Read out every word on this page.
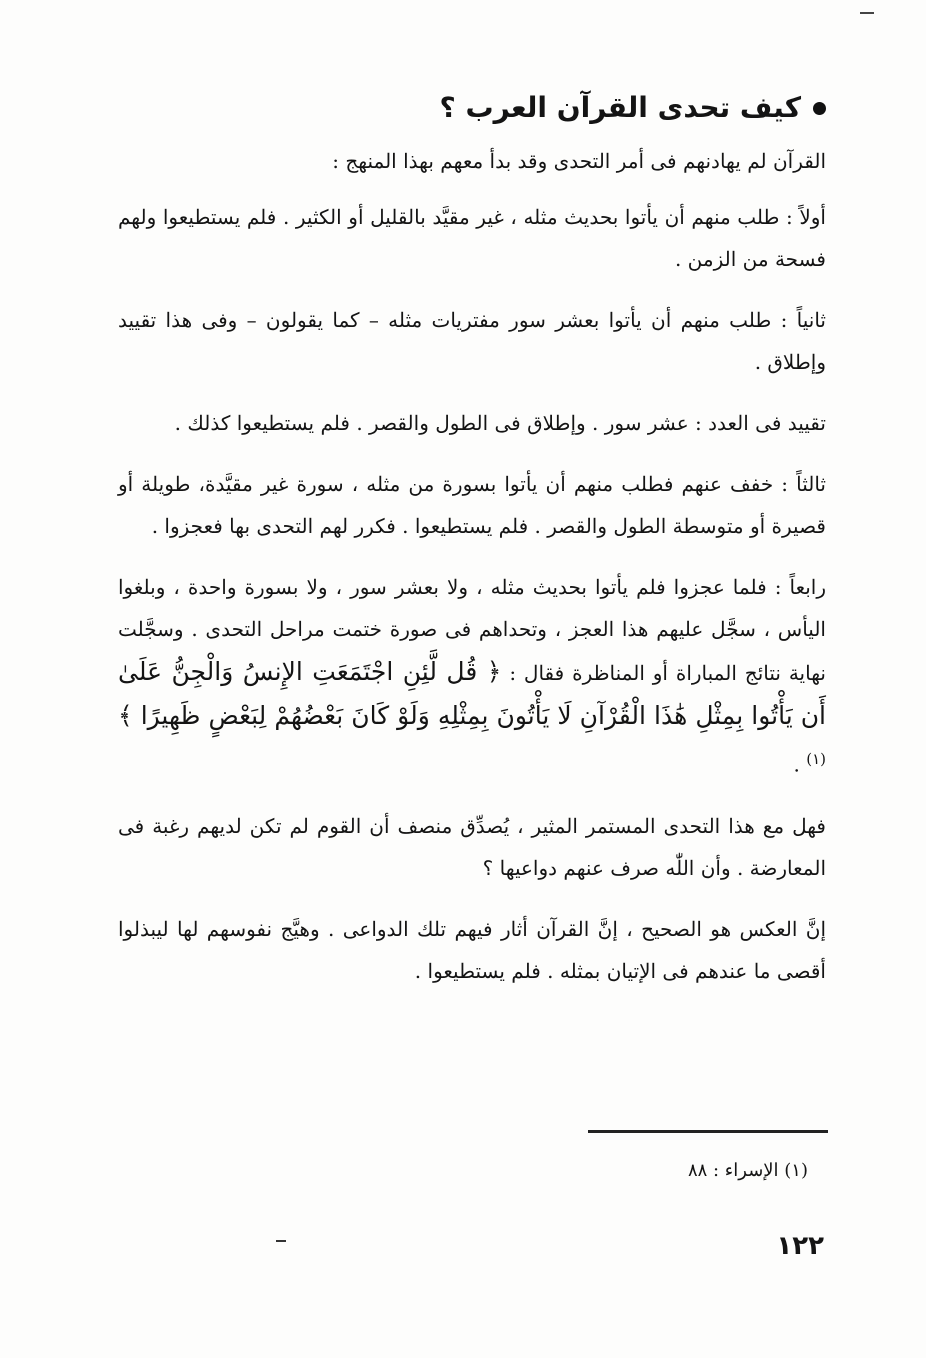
كيف تحدى القرآن العرب ؟

القرآن لم يهادنهم فى أمر التحدى وقد بدأ معهم بهذا المنهج :

أولاً : طلب منهم أن يأتوا بحديث مثله ، غير مقيَّد بالقليل أو الكثير . فلم يستطيعوا ولهم فسحة من الزمن .

ثانياً : طلب منهم أن يأتوا بعشر سور مفتريات مثله – كما يقولون – وفى هذا تقييد وإطلاق .

تقييد فى العدد : عشر سور . وإطلاق فى الطول والقصر . فلم يستطيعوا كذلك .

ثالثاً : خفف عنهم فطلب منهم أن يأتوا بسورة من مثله ، سورة غير مقيَّدة، طويلة أو قصيرة أو متوسطة الطول والقصر . فلم يستطيعوا . فكرر لهم التحدى بها فعجزوا .

رابعاً : فلما عجزوا فلم يأتوا بحديث مثله ، ولا بعشر سور ، ولا بسورة واحدة ، وبلغوا اليأس ، سجَّل عليهم هذا العجز ، وتحداهم فى صورة ختمت مراحل التحدى . وسجَّلت نهاية نتائج المباراة أو المناظرة فقال : ﴿ قُل لَّئِنِ اجْتَمَعَتِ الإِنسُ وَالْجِنُّ عَلَىٰ أَن يَأْتُوا بِمِثْلِ هَٰذَا الْقُرْآنِ لَا يَأْتُونَ بِمِثْلِهِ وَلَوْ كَانَ بَعْضُهُمْ لِبَعْضٍ ظَهِيرًا ﴾ $^{(١)}$ .

فهل مع هذا التحدى المستمر المثير ، يُصدِّق منصف أن القوم لم تكن لديهم رغبة فى المعارضة . وأن اللّٰه صرف عنهم دواعيها ؟

إنَّ العكس هو الصحيح ، إنَّ القرآن أثار فيهم تلك الدواعى . وهيَّج نفوسهم لها ليبذلوا أقصى ما عندهم فى الإتيان بمثله . فلم يستطيعوا .

(١) الإسراء : ٨٨
١٢٢
